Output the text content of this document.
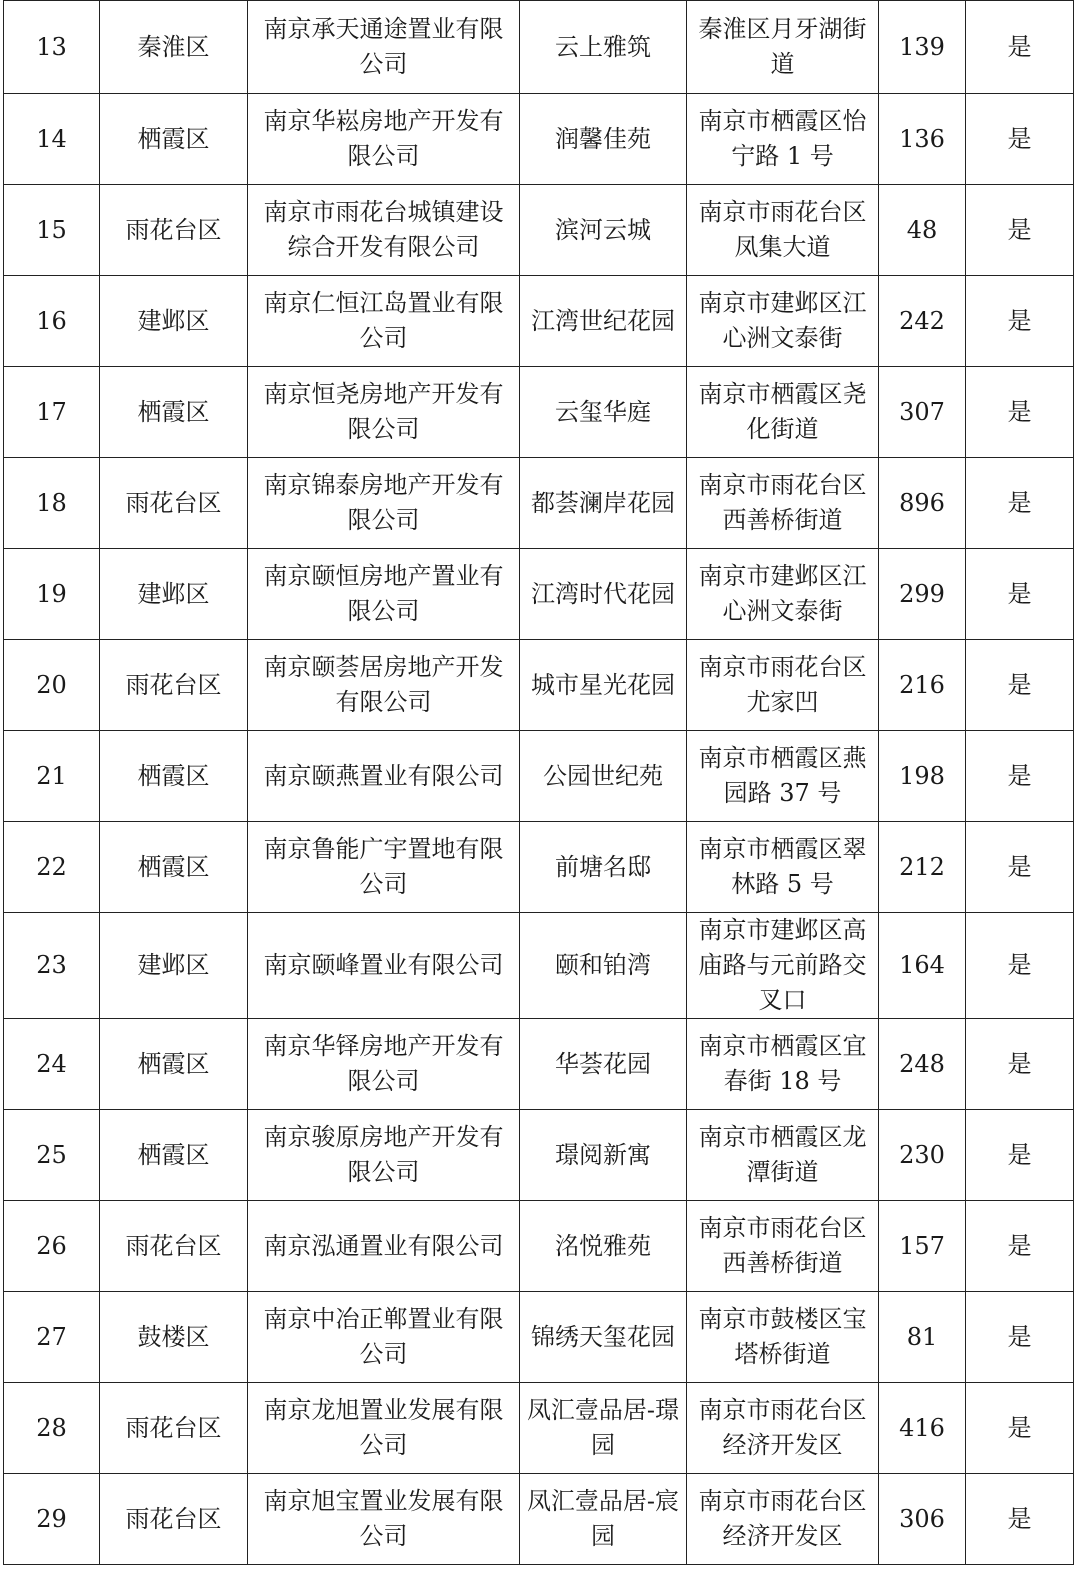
13	秦淮区	南京承天通途置业有限公司	云上雅筑	秦淮区月牙湖街道	139	是
14	栖霞区	南京华崧房地产开发有限公司	润馨佳苑	南京市栖霞区怡宁路 1 号	136	是
15	雨花台区	南京市雨花台城镇建设综合开发有限公司	滨河云城	南京市雨花台区凤集大道	48	是
16	建邺区	南京仁恒江岛置业有限公司	江湾世纪花园	南京市建邺区江心洲文泰街	242	是
17	栖霞区	南京恒尧房地产开发有限公司	云玺华庭	南京市栖霞区尧化街道	307	是
18	雨花台区	南京锦泰房地产开发有限公司	都荟澜岸花园	南京市雨花台区西善桥街道	896	是
19	建邺区	南京颐恒房地产置业有限公司	江湾时代花园	南京市建邺区江心洲文泰街	299	是
20	雨花台区	南京颐荟居房地产开发有限公司	城市星光花园	南京市雨花台区尤家凹	216	是
21	栖霞区	南京颐燕置业有限公司	公园世纪苑	南京市栖霞区燕园路 37 号	198	是
22	栖霞区	南京鲁能广宇置地有限公司	前塘名邸	南京市栖霞区翠林路 5 号	212	是
23	建邺区	南京颐峰置业有限公司	颐和铂湾	南京市建邺区高庙路与元前路交叉口	164	是
24	栖霞区	南京华铎房地产开发有限公司	华荟花园	南京市栖霞区宜春街 18 号	248	是
25	栖霞区	南京骏原房地产开发有限公司	璟阅新寓	南京市栖霞区龙潭街道	230	是
26	雨花台区	南京泓通置业有限公司	洺悦雅苑	南京市雨花台区西善桥街道	157	是
27	鼓楼区	南京中冶正郸置业有限公司	锦绣天玺花园	南京市鼓楼区宝塔桥街道	81	是
28	雨花台区	南京龙旭置业发展有限公司	凤汇壹品居-璟园	南京市雨花台区经济开发区	416	是
29	雨花台区	南京旭宝置业发展有限公司	凤汇壹品居-宸园	南京市雨花台区经济开发区	306	是
